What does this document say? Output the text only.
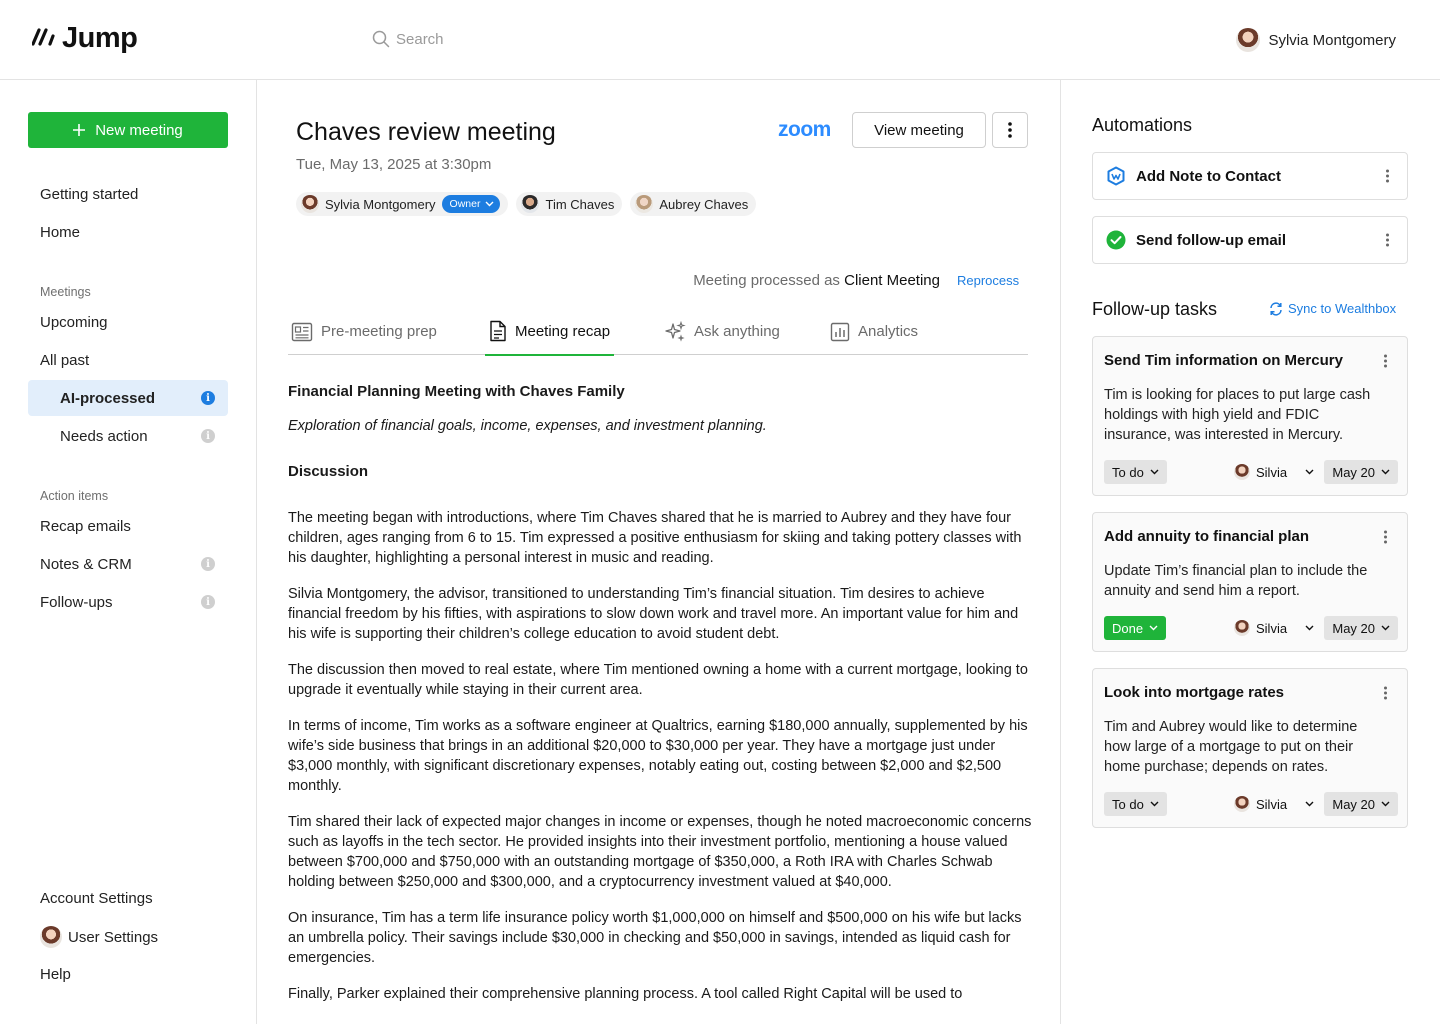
Jump	Search	Sylvia Montgomery
New meeting
Getting started
Home
Meetings
Upcoming
All past
AI-processed	i
Needs action	i
Action items
Recap emails
Notes & CRM	i
Follow-ups	i
Account Settings
User Settings
Help
Chaves review meeting
Tue, May 13, 2025 at 3:30pm
zoom	View meeting
Sylvia Montgomery Owner	Tim Chaves	Aubrey Chaves
Meeting processed as Client Meeting Reprocess
Pre-meeting prep	Meeting recap	Ask anything	Analytics
Financial Planning Meeting with Chaves Family
Exploration of financial goals, income, expenses, and investment planning.
Discussion

The meeting began with introductions, where Tim Chaves shared that he is married to Aubrey and they have four children, ages ranging from 6 to 15. Tim expressed a positive enthusiasm for skiing and taking pottery classes with his daughter, highlighting a personal interest in music and reading.

Silvia Montgomery, the advisor, transitioned to understanding Tim’s financial situation. Tim desires to achieve financial freedom by his fifties, with aspirations to slow down work and travel more. An important value for him and his wife is supporting their children’s college education to avoid student debt.

The discussion then moved to real estate, where Tim mentioned owning a home with a current mortgage, looking to upgrade it eventually while staying in their current area.

In terms of income, Tim works as a software engineer at Qualtrics, earning $180,000 annually, supplemented by his wife’s side business that brings in an additional $20,000 to $30,000 per year. They have a mortgage just under $3,000 monthly, with significant discretionary expenses, notably eating out, costing between $2,000 and $2,500 monthly.

Tim shared their lack of expected major changes in income or expenses, though he noted macroeconomic concerns such as layoffs in the tech sector. He provided insights into their investment portfolio, mentioning a house valued between $700,000 and $750,000 with an outstanding mortgage of $350,000, a Roth IRA with Charles Schwab holding between $250,000 and $300,000, and a cryptocurrency investment valued at $40,000.

On insurance, Tim has a term life insurance policy worth $1,000,000 on himself and $500,000 on his wife but lacks an umbrella policy. Their savings include $30,000 in checking and $50,000 in savings, intended as liquid cash for emergencies.

Finally, Parker explained their comprehensive planning process. A tool called Right Capital will be used to

Automations
Add Note to Contact
Send follow-up email
Follow-up tasks	Sync to Wealthbox
Send Tim information on Mercury
Tim is looking for places to put large cash holdings with high yield and FDIC insurance, was interested in Mercury.
To do	Silvia	May 20
Add annuity to financial plan
Update Tim’s financial plan to include the annuity and send him a report.
Done	Silvia	May 20
Look into mortgage rates
Tim and Aubrey would like to determine how large of a mortgage to put on their home purchase; depends on rates.
To do	Silvia	May 20
